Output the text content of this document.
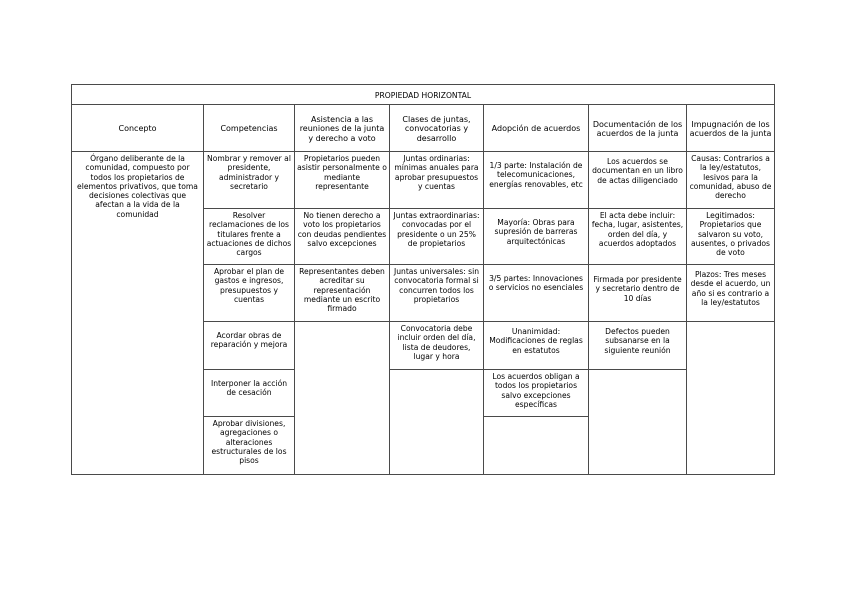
PROPIEDAD HORIZONTAL
Concepto	Competencias
Asistencia a las reuniones de la junta y derecho a voto
Clases de juntas, convocatorias y desarrollo
Adopción de acuerdos
Documentación de los acuerdos de la junta
Impugnación de los acuerdos de la junta
Órgano deliberante de la comunidad, compuesto por todos los propietarios de elementos privativos, que toma decisiones colectivas que afectan a la vida de la comunidad
Nombrar y remover al presidente, administrador y secretario
Resolver reclamaciones de los titulares frente a actuaciones de dichos cargos
Aprobar el plan de gastos e ingresos, presupuestos y cuentas
Acordar obras de reparación y mejora
Interponer la acción de cesación
Aprobar divisiones, agregaciones o alteraciones estructurales de los pisos
Propietarios pueden asistir personalmente o mediante representante
No tienen derecho a voto los propietarios con deudas pendientes salvo excepciones
Representantes deben acreditar su representación mediante un escrito firmado
Juntas ordinarias: mínimas anuales para aprobar presupuestos y cuentas
Juntas extraordinarias: convocadas por el presidente o un 25% de propietarios
Juntas universales: sin convocatoria formal si concurren todos los propietarios
Convocatoria debe incluir orden del día, lista de deudores, lugar y hora
1/3 parte: Instalación de telecomunicaciones, energías renovables, etc
Mayoría: Obras para supresión de barreras arquitectónicas
3/5 partes: Innovaciones o servicios no esenciales
Unanimidad: Modificaciones de reglas en estatutos
Los acuerdos obligan a todos los propietarios salvo excepciones específicas
Los acuerdos se documentan en un libro de actas diligenciado
El acta debe incluir: fecha, lugar, asistentes, orden del día, y acuerdos adoptados
Firmada por presidente y secretario dentro de 10 días
Defectos pueden subsanarse en la siguiente reunión
Causas: Contrarios a la ley/estatutos, lesivos para la comunidad, abuso de derecho
Legitimados: Propietarios que salvaron su voto, ausentes, o privados de voto
Plazos: Tres meses desde el acuerdo, un año si es contrario a la ley/estatutos
